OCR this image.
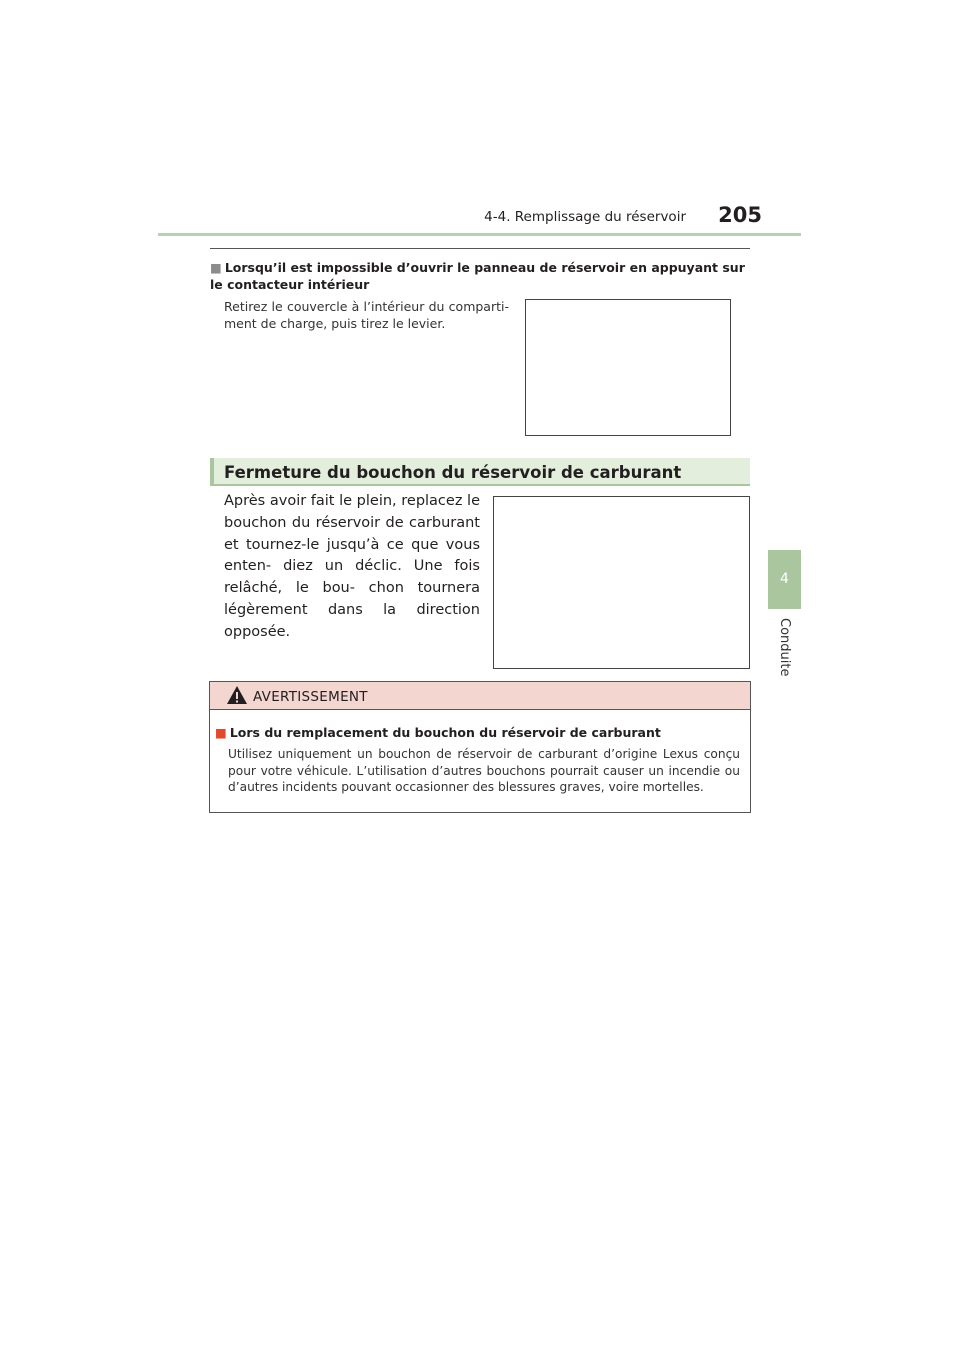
4-4. Remplissage du réservoir	205
4
Conduite
■ Lorsqu’il est impossible d’ouvrir le panneau de réservoir en appuyant sur le contacteur intérieur
Retirez le couvercle à l’intérieur du comparti- ment de charge, puis tirez le levier.
Fermeture du bouchon du réservoir de carburant
Après avoir fait le plein, replacez le bouchon du réservoir de carburant et tournez-le jusqu’à ce que vous enten- diez un déclic. Une fois relâché, le bou- chon tournera légèrement dans la direction opposée.
AVERTISSEMENT
■ Lors du remplacement du bouchon du réservoir de carburant
Utilisez uniquement un bouchon de réservoir de carburant d’origine Lexus conçu pour votre véhicule. L’utilisation d’autres bouchons pourrait causer un incendie ou d’autres incidents pouvant occasionner des blessures graves, voire mortelles.
